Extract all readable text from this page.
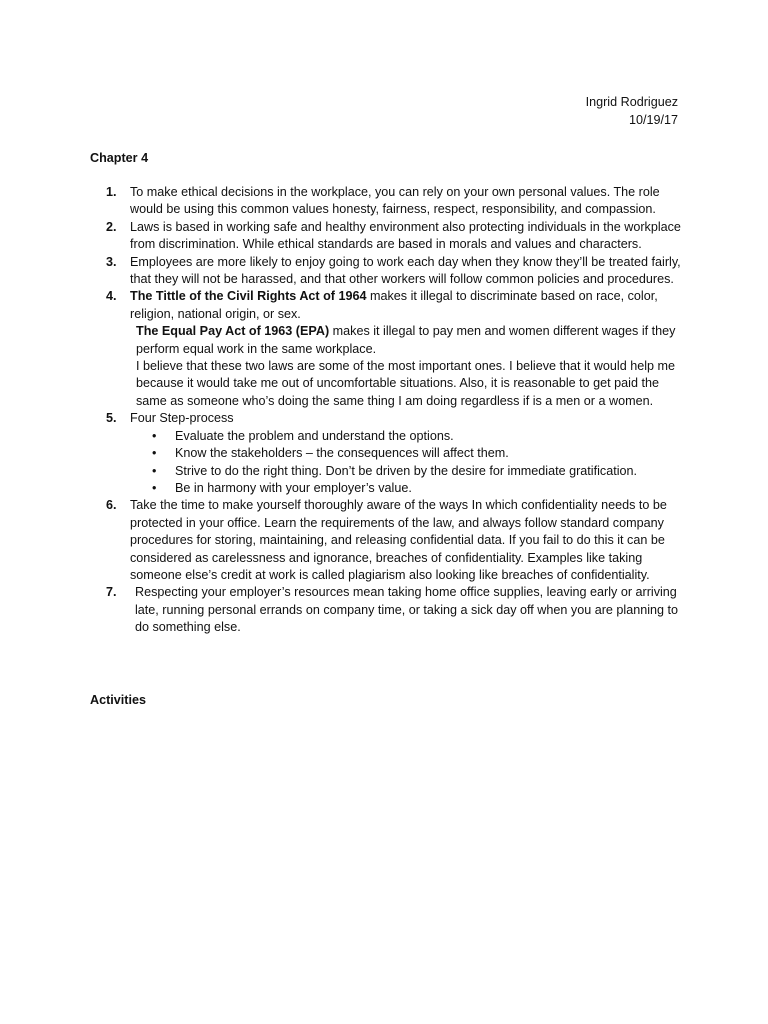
Ingrid Rodriguez
10/19/17
Chapter 4
1. To make ethical decisions in the workplace, you can rely on your own personal values. The role would be using this common values honesty, fairness, respect, responsibility, and compassion.
2. Laws is based in working safe and healthy environment also protecting individuals in the workplace from discrimination. While ethical standards are based in morals and values and characters.
3. Employees are more likely to enjoy going to work each day when they know they’ll be treated fairly, that they will not be harassed, and that other workers will follow common policies and procedures.
4. The Tittle of the Civil Rights Act of 1964 makes it illegal to discriminate based on race, color, religion, national origin, or sex.
The Equal Pay Act of 1963 (EPA) makes it illegal to pay men and women different wages if they perform equal work in the same workplace.
I believe that these two laws are some of the most important ones. I believe that it would help me because it would take me out of uncomfortable situations. Also, it is reasonable to get paid the same as someone who’s doing the same thing I am doing regardless if is a men or a women.
5. Four Step-process
• Evaluate the problem and understand the options.
• Know the stakeholders – the consequences will affect them.
• Strive to do the right thing. Don’t be driven by the desire for immediate gratification.
• Be in harmony with your employer’s value.
6. Take the time to make yourself thoroughly aware of the ways In which confidentiality needs to be protected in your office. Learn the requirements of the law, and always follow standard company procedures for storing, maintaining, and releasing confidential data. If you fail to do this it can be considered as carelessness and ignorance, breaches of confidentiality. Examples like taking someone else’s credit at work is called plagiarism also looking like breaches of confidentiality.
7. Respecting your employer’s resources mean taking home office supplies, leaving early or arriving late, running personal errands on company time, or taking a sick day off when you are planning to do something else.
Activities
